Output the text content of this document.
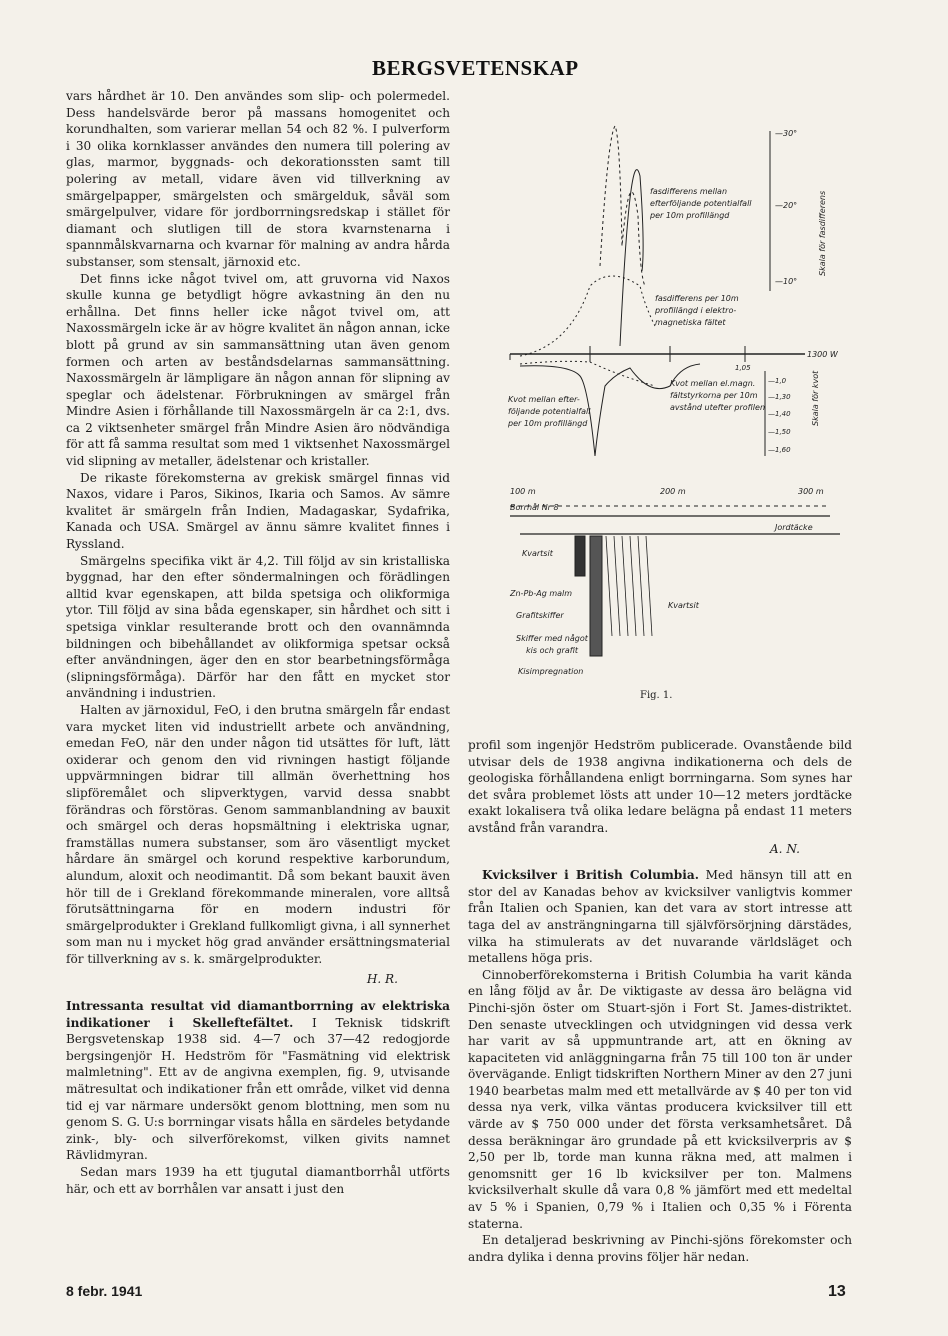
BERGSVETENSKAP

vars hårdhet är 10. Den användes som slip- och polermedel. Dess handelsvärde beror på massans homogenitet och korundhalten, som varierar mellan 54 och 82 %. I pulverform i 30 olika kornklasser användes den numera till polering av glas, marmor, byggnads- och dekorationssten samt till polering av metall, vidare även vid tillverkning av smärgelpapper, smärgelsten och smärgelduk, såväl som smärgelpulver, vidare för jordborrningsredskap i stället för diamant och slutligen till de stora kvarnstenarna i spannmålskvarnarna och kvarnar för malning av andra hårda substanser, som stensalt, järnoxid etc.

Det finns icke något tvivel om, att gruvorna vid Naxos skulle kunna ge betydligt högre avkastning än den nu erhållna. Det finns heller icke något tvivel om, att Naxossmärgeln icke är av högre kvalitet än någon annan, icke blott på grund av sin sammansättning utan även genom formen och arten av beståndsdelarnas sammansättning. Naxossmärgeln är lämpligare än någon annan för slipning av speglar och ädelstenar. Förbrukningen av smärgel från Mindre Asien i förhållande till Naxossmärgeln är ca 2:1, dvs. ca 2 viktsenheter smärgel från Mindre Asien äro nödvändiga för att få samma resultat som med 1 viktsenhet Naxossmärgel vid slipning av metaller, ädelstenar och kristaller.

De rikaste förekomsterna av grekisk smärgel finnas vid Naxos, vidare i Paros, Sikinos, Ikaria och Samos. Av sämre kvalitet är smärgeln från Indien, Madagaskar, Sydafrika, Kanada och USA. Smärgel av ännu sämre kvalitet finnes i Ryssland.

Smärgelns specifika vikt är 4,2. Till följd av sin kristalliska byggnad, har den efter söndermalningen och förädlingen alltid kvar egenskapen, att bilda spetsiga och olikformiga ytor. Till följd av sina båda egenskaper, sin hårdhet och sitt i spetsiga vinklar resulterande brott och den ovannämnda bildningen och bibehållandet av olikformiga spetsar också efter användningen, äger den en stor bearbetningsförmåga (slipningsförmåga). Därför har den fått en mycket stor användning i industrien.

Halten av järnoxidul, FeO, i den brutna smärgeln får endast vara mycket liten vid industriellt arbete och användning, emedan FeO, när den under någon tid utsättes för luft, lätt oxiderar och genom den vid rivningen hastigt följande uppvärmningen bidrar till allmän överhettning hos slipföremålet och slipverktygen, varvid dessa snabbt förändras och förstöras. Genom sammanblandning av bauxit och smärgel och deras hopsmältning i elektriska ugnar, framställas numera substanser, som äro väsentligt mycket hårdare än smärgel och korund respektive karborundum, alundum, aloxit och neodimantit. Då som bekant bauxit även hör till de i Grekland förekommande mineralen, vore alltså förutsättningarna för en modern industri för smärgelprodukter i Grekland fullkomligt givna, i all synnerhet som man nu i mycket hög grad använder ersättningsmaterial för tillverkning av s. k. smärgelprodukter.

H. R.

Intressanta resultat vid diamantborrning av elektriska indikationer i Skelleftefältet. I Teknisk tidskrift Bergsvetenskap 1938 sid. 4—7 och 37—42 redogjorde bergsingenjör H. Hedström för "Fasmätning vid elektrisk malmletning". Ett av de angivna exemplen, fig. 9, utvisande mätresultat och indikationer från ett område, vilket vid denna tid ej var närmare undersökt genom blottning, men som nu genom S. G. U:s borrningar visats hålla en särdeles betydande zink-, bly- och silverförekomst, vilken givits namnet Rävlidmyran.

Sedan mars 1939 ha ett tjugutal diamantborrhål utförts här, och ett av borrhålen var ansatt i just den

fasdifferens mellan
efterföljande potentialfall
per 10m profillängd
—30°
—20°
—10°
Skala för fasdifferens
fasdifferens per 10m
profillängd i elektro-
magnetiska fältet
1300 W
1,05
Kvot mellan efter-
följande potentialfall
per 10m profillängd
Kvot mellan el.magn.
fältstyrkorna per 10m
avstånd utefter profilen
—1,0
—1,30
—1,40
—1,50
—1,60
Skala för kvot
100 m	200 m	300 m
Borrhål Nr 8
Jordtäcke
Kvartsit
Zn-Pb-Ag malm
Grafitskiffer
Skiffer med något
kis och grafit
Kvartsit
Kisimpregnation
Fig. 1.

profil som ingenjör Hedström publicerade. Ovanstående bild utvisar dels de 1938 angivna indikationerna och dels de geologiska förhållandena enligt borrningarna. Som synes har det svåra problemet lösts att under 10—12 meters jordtäcke exakt lokalisera två olika ledare belägna på endast 11 meters avstånd från varandra.

A. N.

Kvicksilver i British Columbia. Med hänsyn till att en stor del av Kanadas behov av kvicksilver vanligtvis kommer från Italien och Spanien, kan det vara av stort intresse att taga del av ansträngningarna till självförsörjning därstädes, vilka ha stimulerats av det nuvarande världsläget och metallens höga pris.

Cinnoberförekomsterna i British Columbia ha varit kända en lång följd av år. De viktigaste av dessa äro belägna vid Pinchi-sjön öster om Stuart-sjön i Fort St. James-distriktet. Den senaste utvecklingen och utvidgningen vid dessa verk har varit av så uppmuntrande art, att en ökning av kapaciteten vid anläggningarna från 75 till 100 ton är under övervägande. Enligt tidskriften Northern Miner av den 27 juni 1940 bearbetas malm med ett metallvärde av $ 40 per ton vid dessa nya verk, vilka väntas producera kvicksilver till ett värde av $ 750 000 under det första verksamhetsåret. Då dessa beräkningar äro grundade på ett kvicksilverpris av $ 2,50 per lb, torde man kunna räkna med, att malmen i genomsnitt ger 16 lb kvicksilver per ton. Malmens kvicksilverhalt skulle då vara 0,8 % jämfört med ett medeltal av 5 % i Spanien, 0,79 % i Italien och 0,35 % i Förenta staterna.

En detaljerad beskrivning av Pinchi-sjöns förekomster och andra dylika i denna provins följer här nedan.

8 febr. 1941	13
